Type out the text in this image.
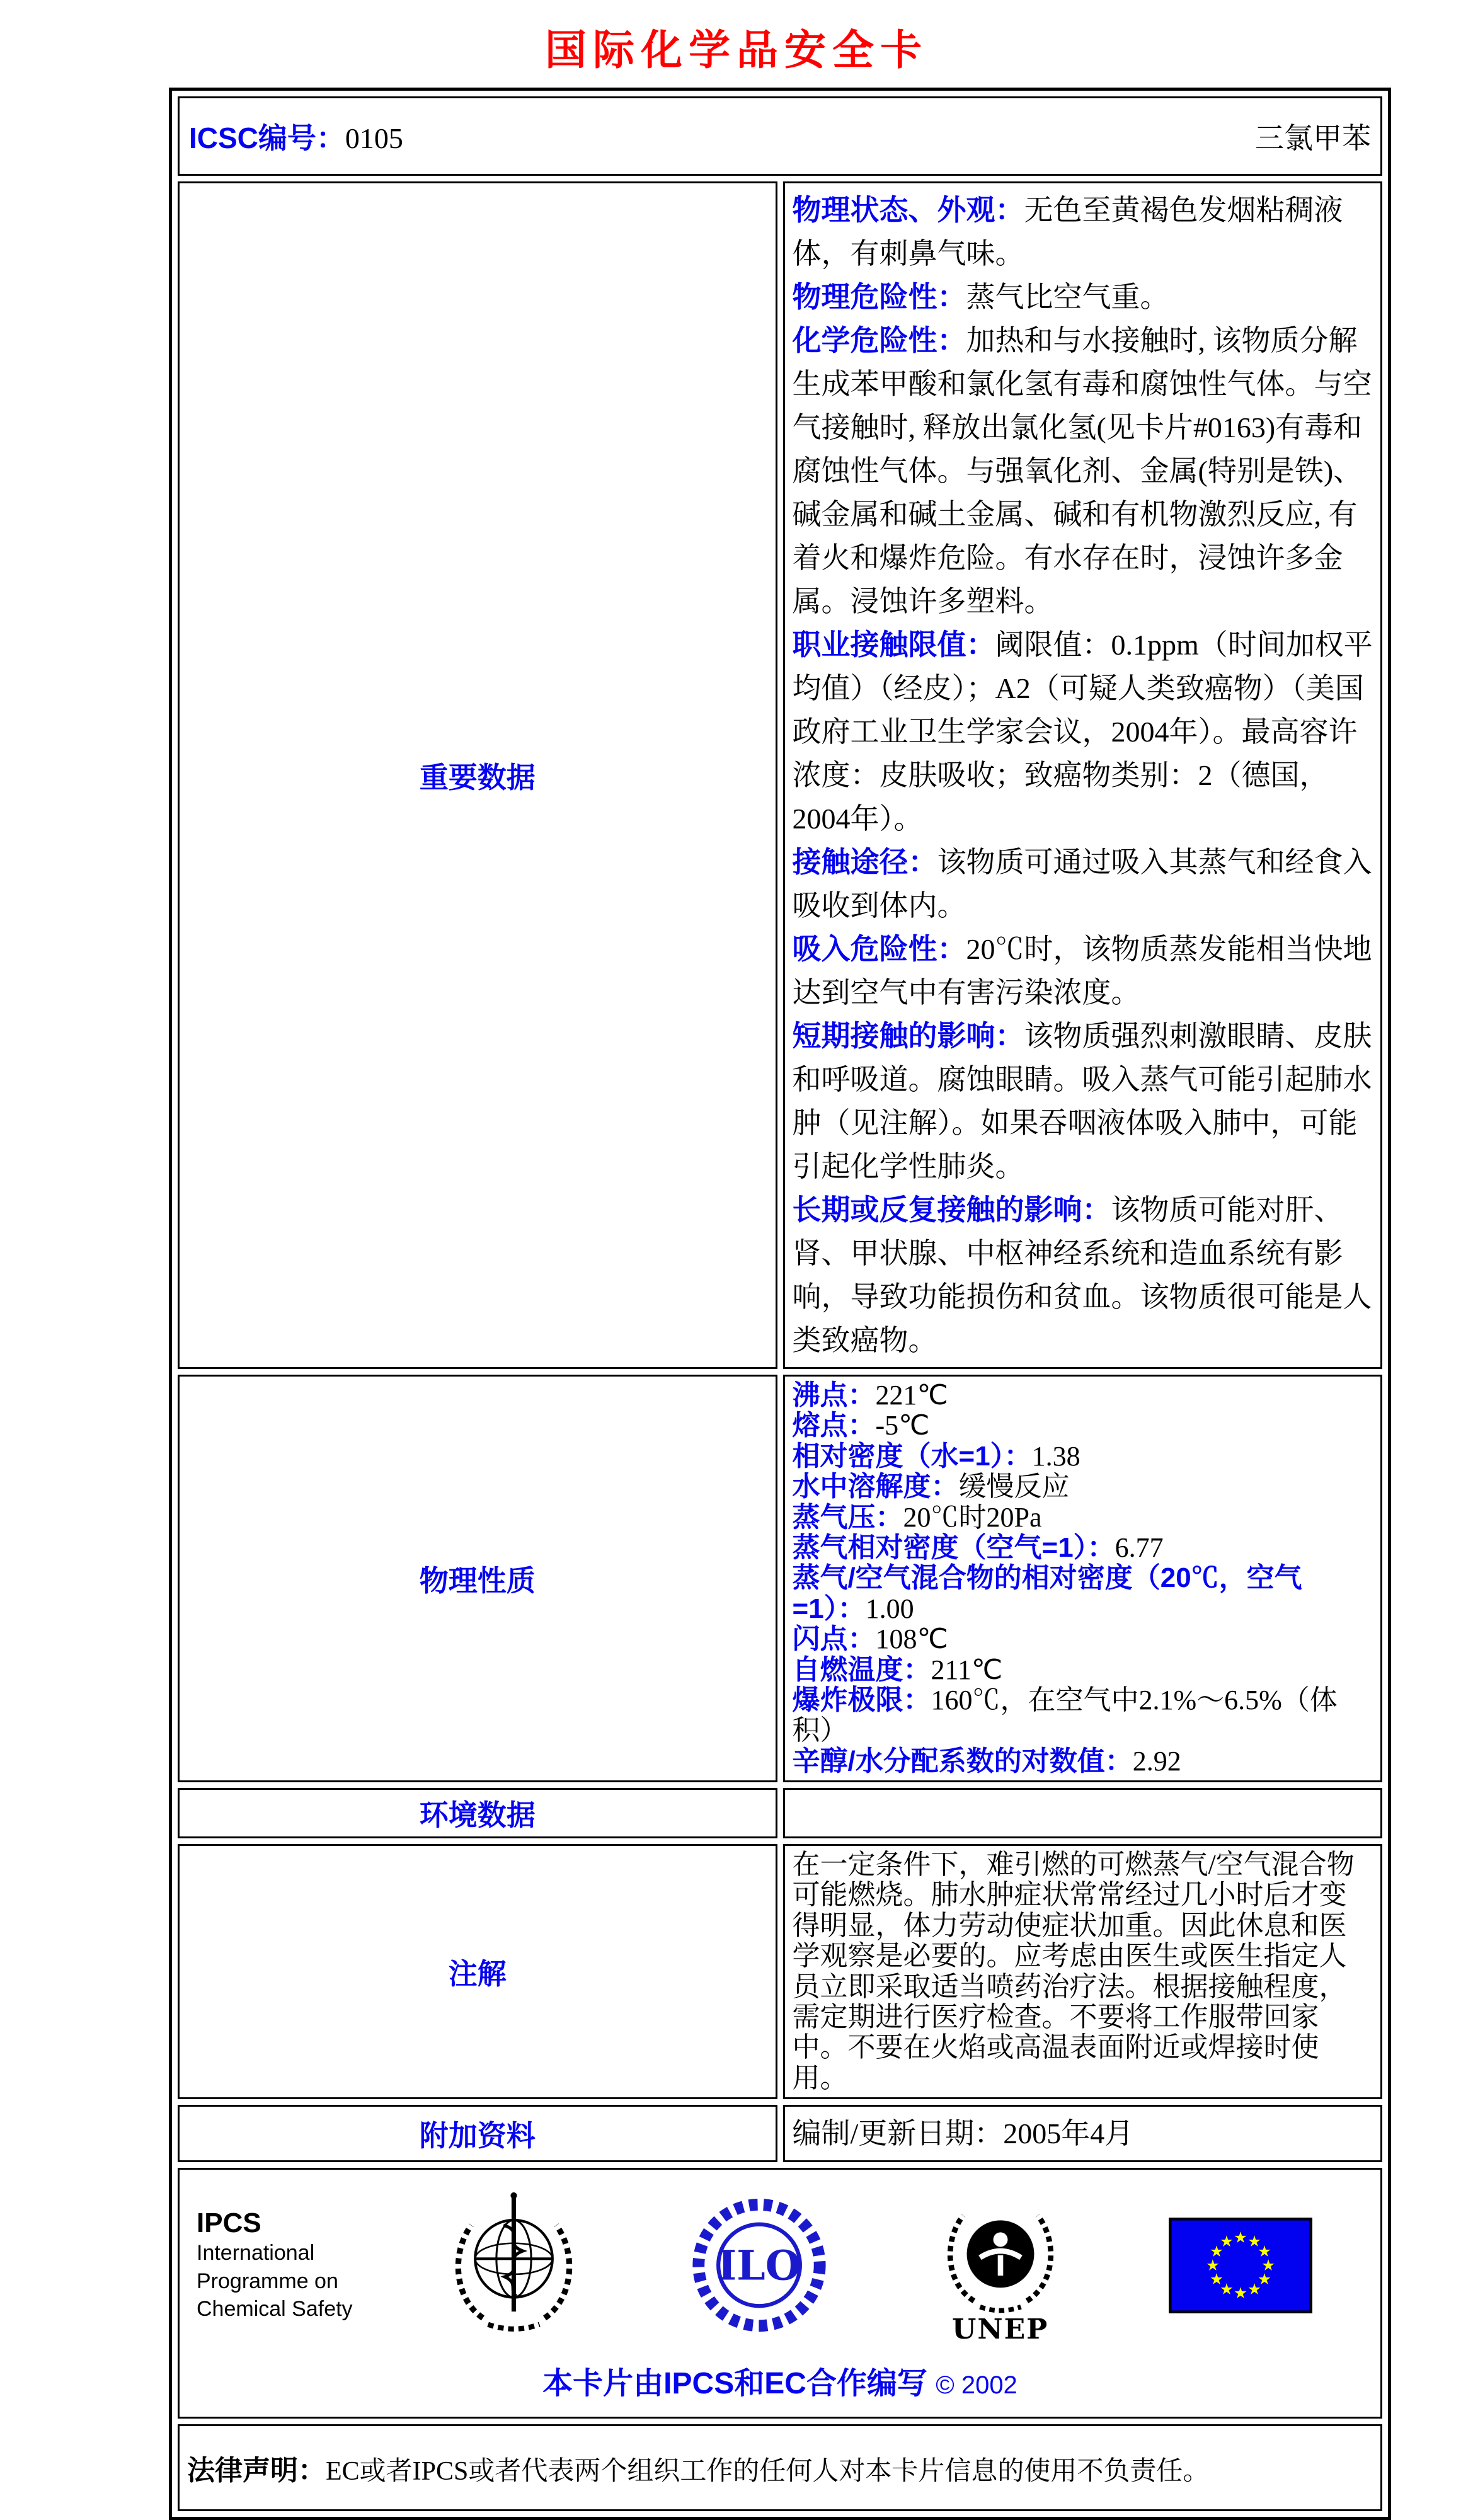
国际化学品安全卡
ICSC编号：0105 三氯甲苯	

重要数据	
物理状态、外观：无色至黄褐色发烟粘稠液体，有刺鼻气味。
物理危险性：蒸气比空气重。
化学危险性：加热和与水接触时, 该物质分解生成苯甲酸和氯化氢有毒和腐蚀性气体。与空气接触时, 释放出氯化氢(见卡片#0163)有毒和腐蚀性气体。与强氧化剂、金属(特别是铁)、碱金属和碱土金属、碱和有机物激烈反应, 有着火和爆炸危险。有水存在时，浸蚀许多金属。浸蚀许多塑料。
职业接触限值：阈限值：0.1ppm（时间加权平均值）（经皮）；A2（可疑人类致癌物）（美国政府工业卫生学家会议，2004年）。最高容许浓度：皮肤吸收；致癌物类别：2（德国，2004年）。
接触途径：该物质可通过吸入其蒸气和经食入吸收到体内。
吸入危险性：20℃时，该物质蒸发能相当快地达到空气中有害污染浓度。
短期接触的影响：该物质强烈刺激眼睛、皮肤和呼吸道。腐蚀眼睛。吸入蒸气可能引起肺水肿（见注解）。如果吞咽液体吸入肺中，可能引起化学性肺炎。
长期或反复接触的影响：该物质可能对肝、肾、甲状腺、中枢神经系统和造血系统有影响，导致功能损伤和贫血。该物质很可能是人类致癌物。

物理性质	
沸点：221℃
熔点：-5℃
相对密度（水=1）：1.38
水中溶解度：缓慢反应
蒸气压：20℃时20Pa
蒸气相对密度（空气=1）：6.77
蒸气/空气混合物的相对密度（20℃，空气=1）：1.00
闪点：108℃
自燃温度：211℃
爆炸极限：160℃，在空气中2.1%～6.5%（体积）
辛醇/水分配系数的对数值：2.92

环境数据	
注解	在一定条件下，难引燃的可燃蒸气/空气混合物可能燃烧。肺水肿症状常常经过几小时后才变得明显，体力劳动使症状加重。因此休息和医学观察是必要的。应考虑由医生或医生指定人员立即采取适当喷药治疗法。根据接触程度，需定期进行医疗检查。不要将工作服带回家中。不要在火焰或高温表面附近或焊接时使用。
附加资料	编制/更新日期：2005年4月

IPCS
International
Programme on
Chemical Safety
ILO
UNEP
本卡片由IPCS和EC合作编写 © 2002

法律声明：EC或者IPCS或者代表两个组织工作的任何人对本卡片信息的使用不负责任。	
